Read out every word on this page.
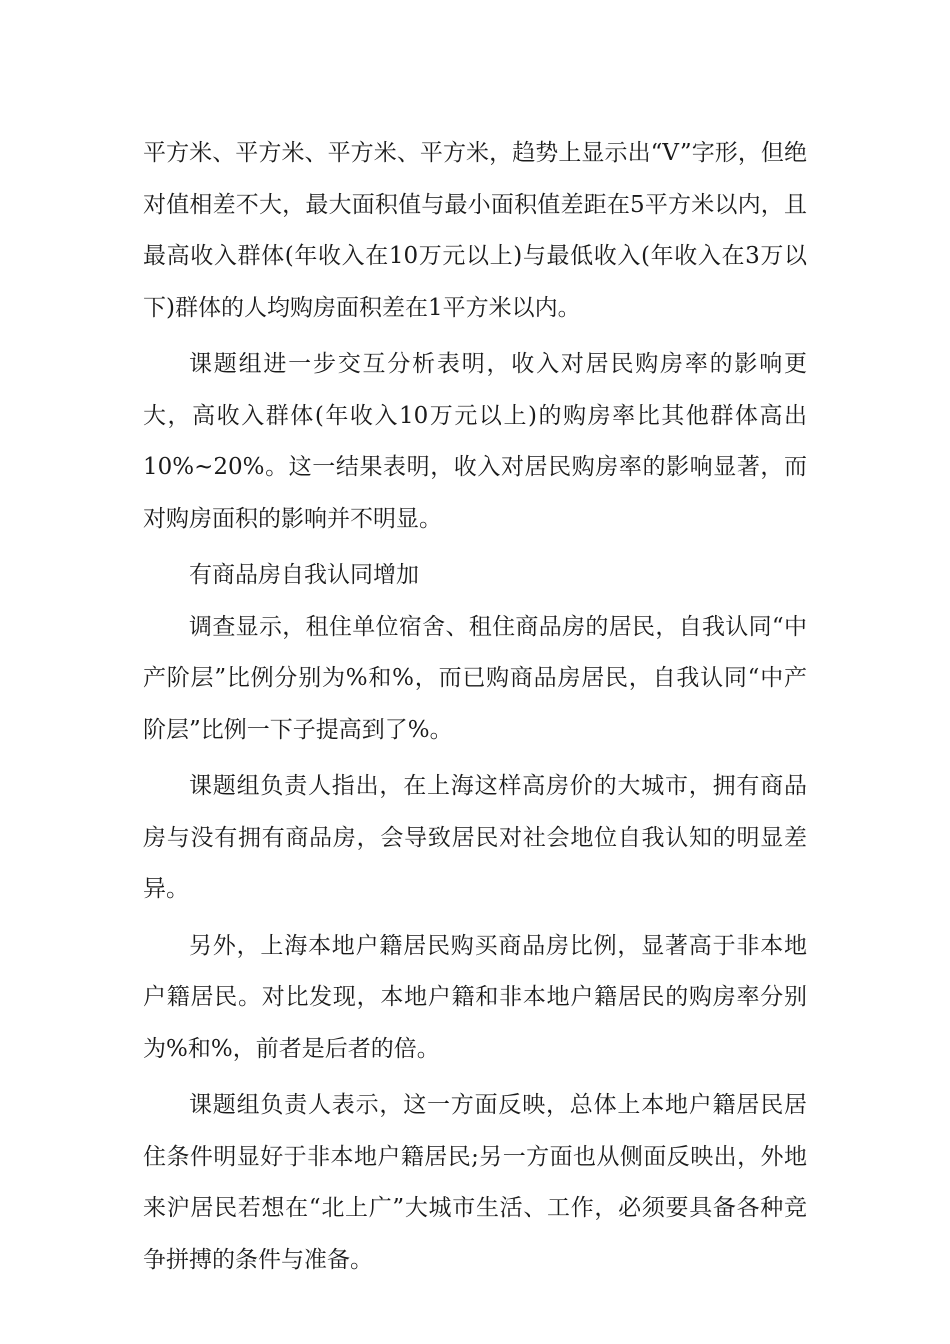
平方米、平方米、平方米、平方米，趋势上显示出“V”字形，但绝对值相差不大，最大面积值与最小面积值差距在5平方米以内，且最高收入群体(年收入在10万元以上)与最低收入(年收入在3万以下)群体的人均购房面积差在1平方米以内。

课题组进一步交互分析表明，收入对居民购房率的影响更大，高收入群体(年收入10万元以上)的购房率比其他群体高出10%~20%。这一结果表明，收入对居民购房率的影响显著，而对购房面积的影响并不明显。

有商品房自我认同增加

调查显示，租住单位宿舍、租住商品房的居民，自我认同“中产阶层”比例分别为%和%，而已购商品房居民，自我认同“中产阶层”比例一下子提高到了%。

课题组负责人指出，在上海这样高房价的大城市，拥有商品房与没有拥有商品房，会导致居民对社会地位自我认知的明显差异。

另外，上海本地户籍居民购买商品房比例，显著高于非本地户籍居民。对比发现，本地户籍和非本地户籍居民的购房率分别为%和%，前者是后者的倍。

课题组负责人表示，这一方面反映，总体上本地户籍居民居住条件明显好于非本地户籍居民;另一方面也从侧面反映出，外地来沪居民若想在“北上广”大城市生活、工作，必须要具备各种竞争拼搏的条件与准备。
